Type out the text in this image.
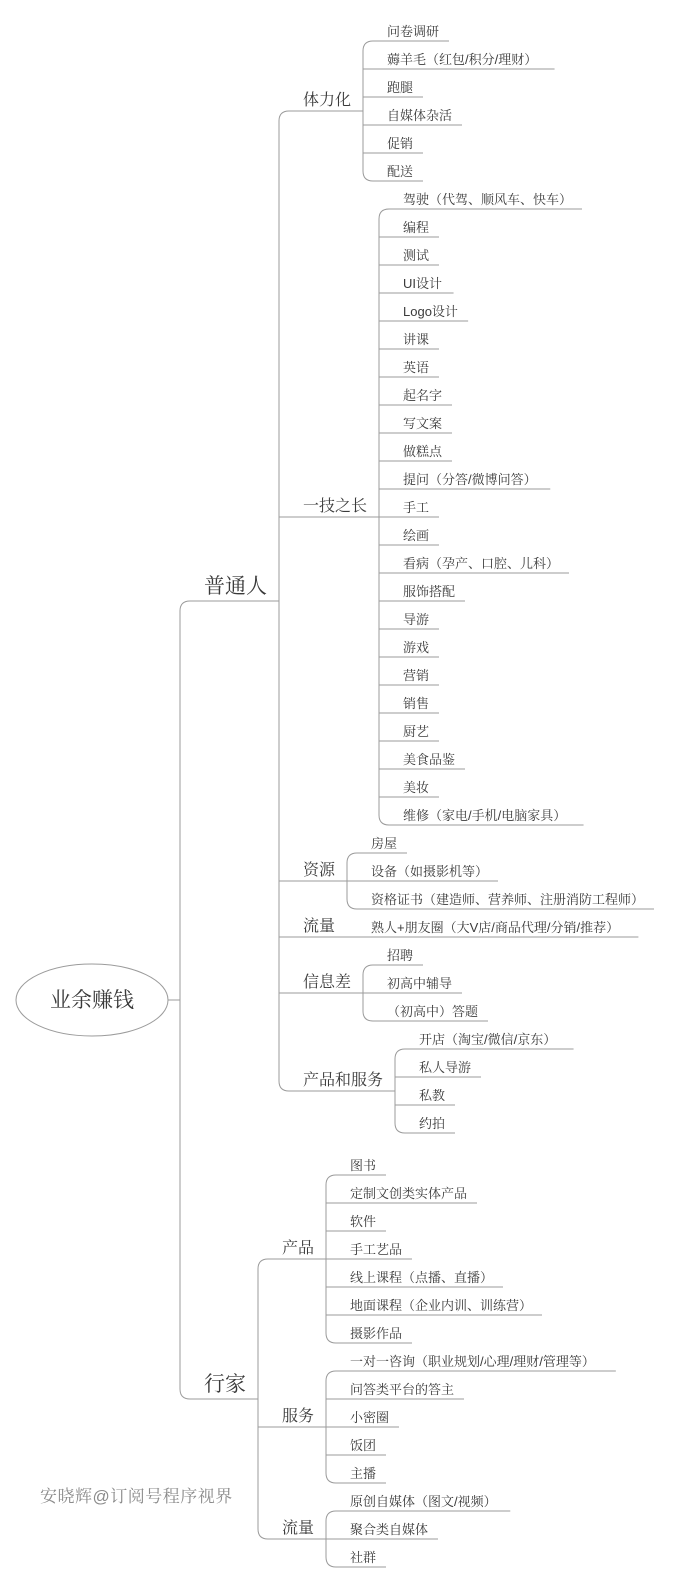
业余赚钱
普通人
体力化
问卷调研
薅羊毛（红包/积分/理财）
跑腿
自媒体杂活
促销
配送
一技之长
驾驶（代驾、顺风车、快车）
编程
测试
UI设计
Logo设计
讲课
英语
起名字
写文案
做糕点
提问（分答/微博问答）
手工
绘画
看病（孕产、口腔、儿科）
服饰搭配
导游
游戏
营销
销售
厨艺
美食品鉴
美妆
维修（家电/手机/电脑家具）
资源
房屋
设备（如摄影机等）
资格证书（建造师、营养师、注册消防工程师）
流量	熟人+朋友圈（大V店/商品代理/分销/推荐）
信息差
招聘
初高中辅导
（初高中）答题
产品和服务
开店（淘宝/微信/京东）
私人导游
私教
约拍
行家
产品
图书
定制文创类实体产品
软件
手工艺品
线上课程（点播、直播）
地面课程（企业内训、训练营）
摄影作品
服务
一对一咨询（职业规划/心理/理财/管理等）
问答类平台的答主
小密圈
饭团
主播
流量
原创自媒体（图文/视频）
聚合类自媒体
社群
安晓辉@订阅号程序视界
